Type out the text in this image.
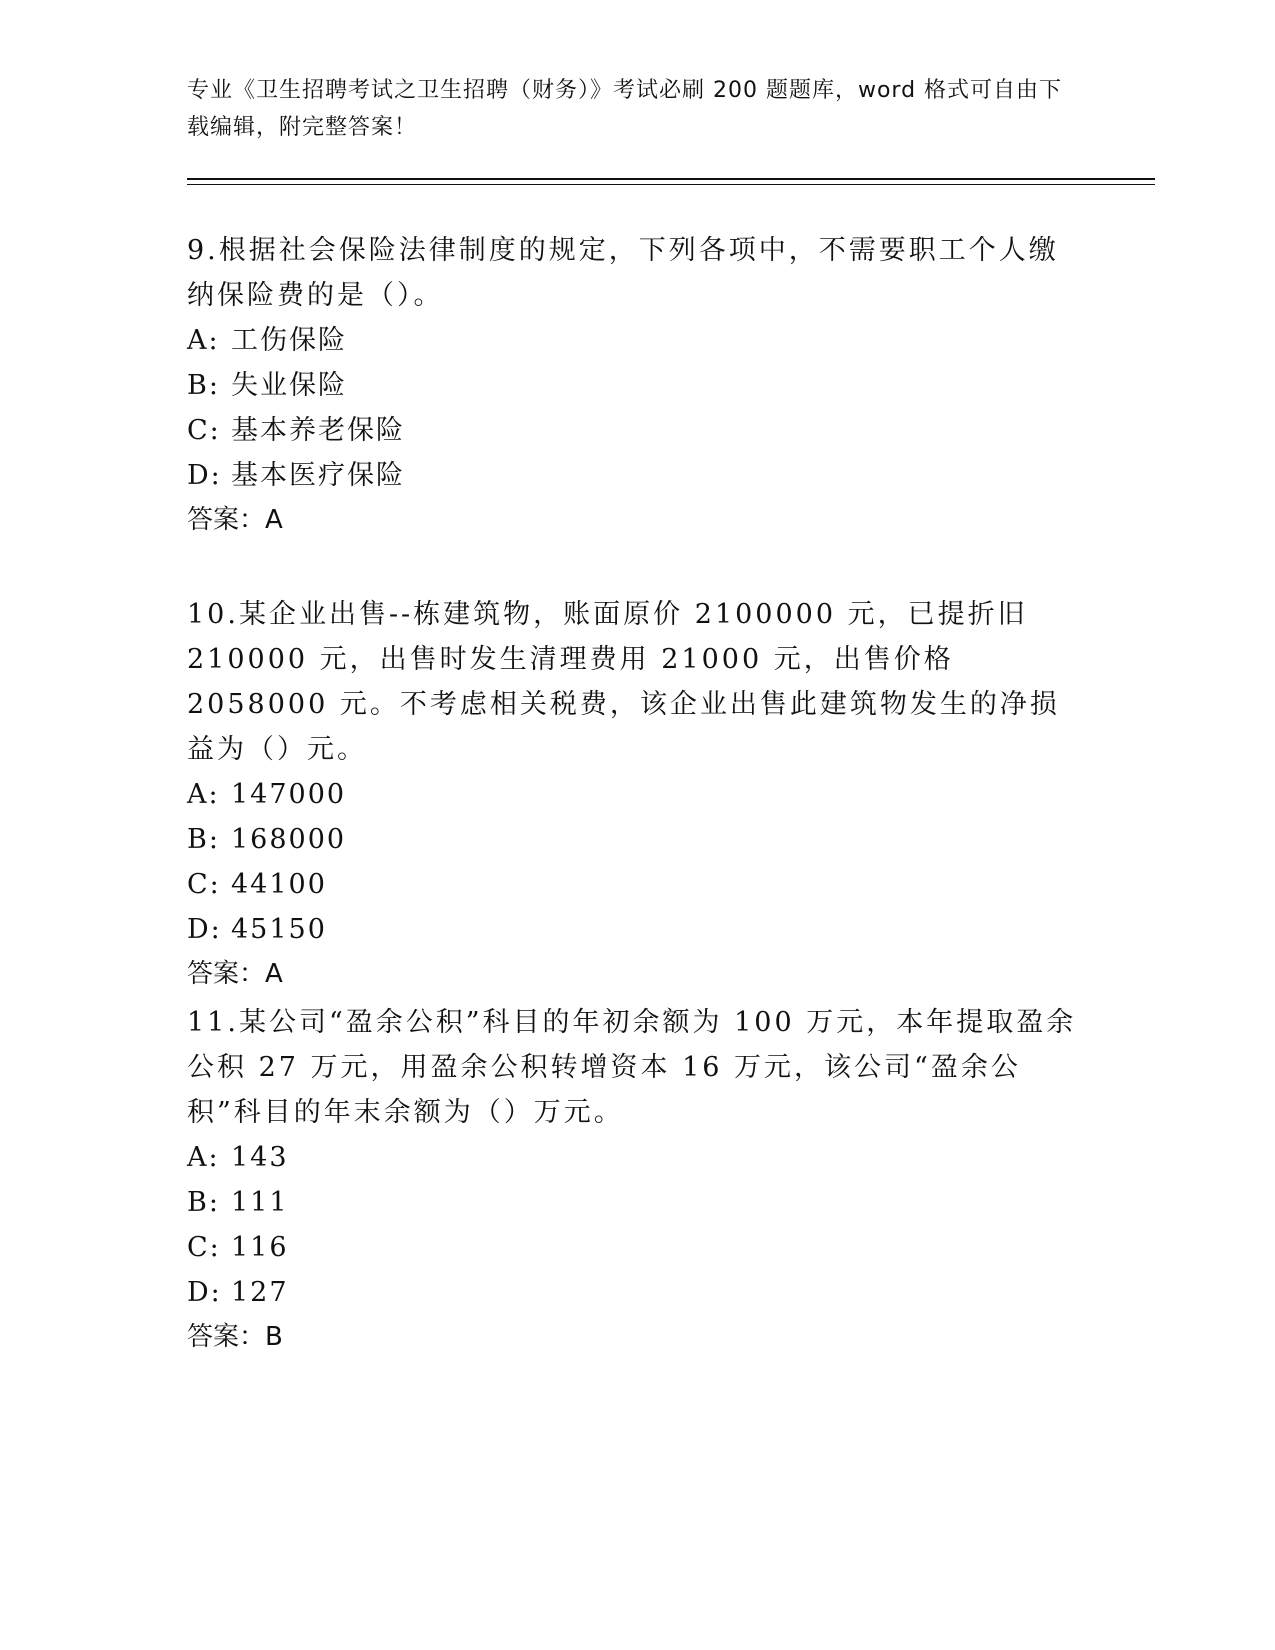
专业《卫生招聘考试之卫生招聘（财务）》考试必刷 200 题题库，word 格式可自由下载编辑，附完整答案！
9.根据社会保险法律制度的规定，下列各项中，不需要职工个人缴纳保险费的是（）。
A: 工伤保险
B: 失业保险
C: 基本养老保险
D: 基本医疗保险
答案：A
10.某企业出售--栋建筑物，账面原价 2100000 元，已提折旧 210000 元，出售时发生清理费用 21000 元，出售价格 2058000 元。不考虑相关税费，该企业出售此建筑物发生的净损益为（）元。
A: 147000
B: 168000
C: 44100
D: 45150
答案：A
11.某公司“盈余公积”科目的年初余额为 100 万元，本年提取盈余公积 27 万元，用盈余公积转增资本 16 万元，该公司“盈余公积”科目的年末余额为（）万元。
A: 143
B: 111
C: 116
D: 127
答案：B
